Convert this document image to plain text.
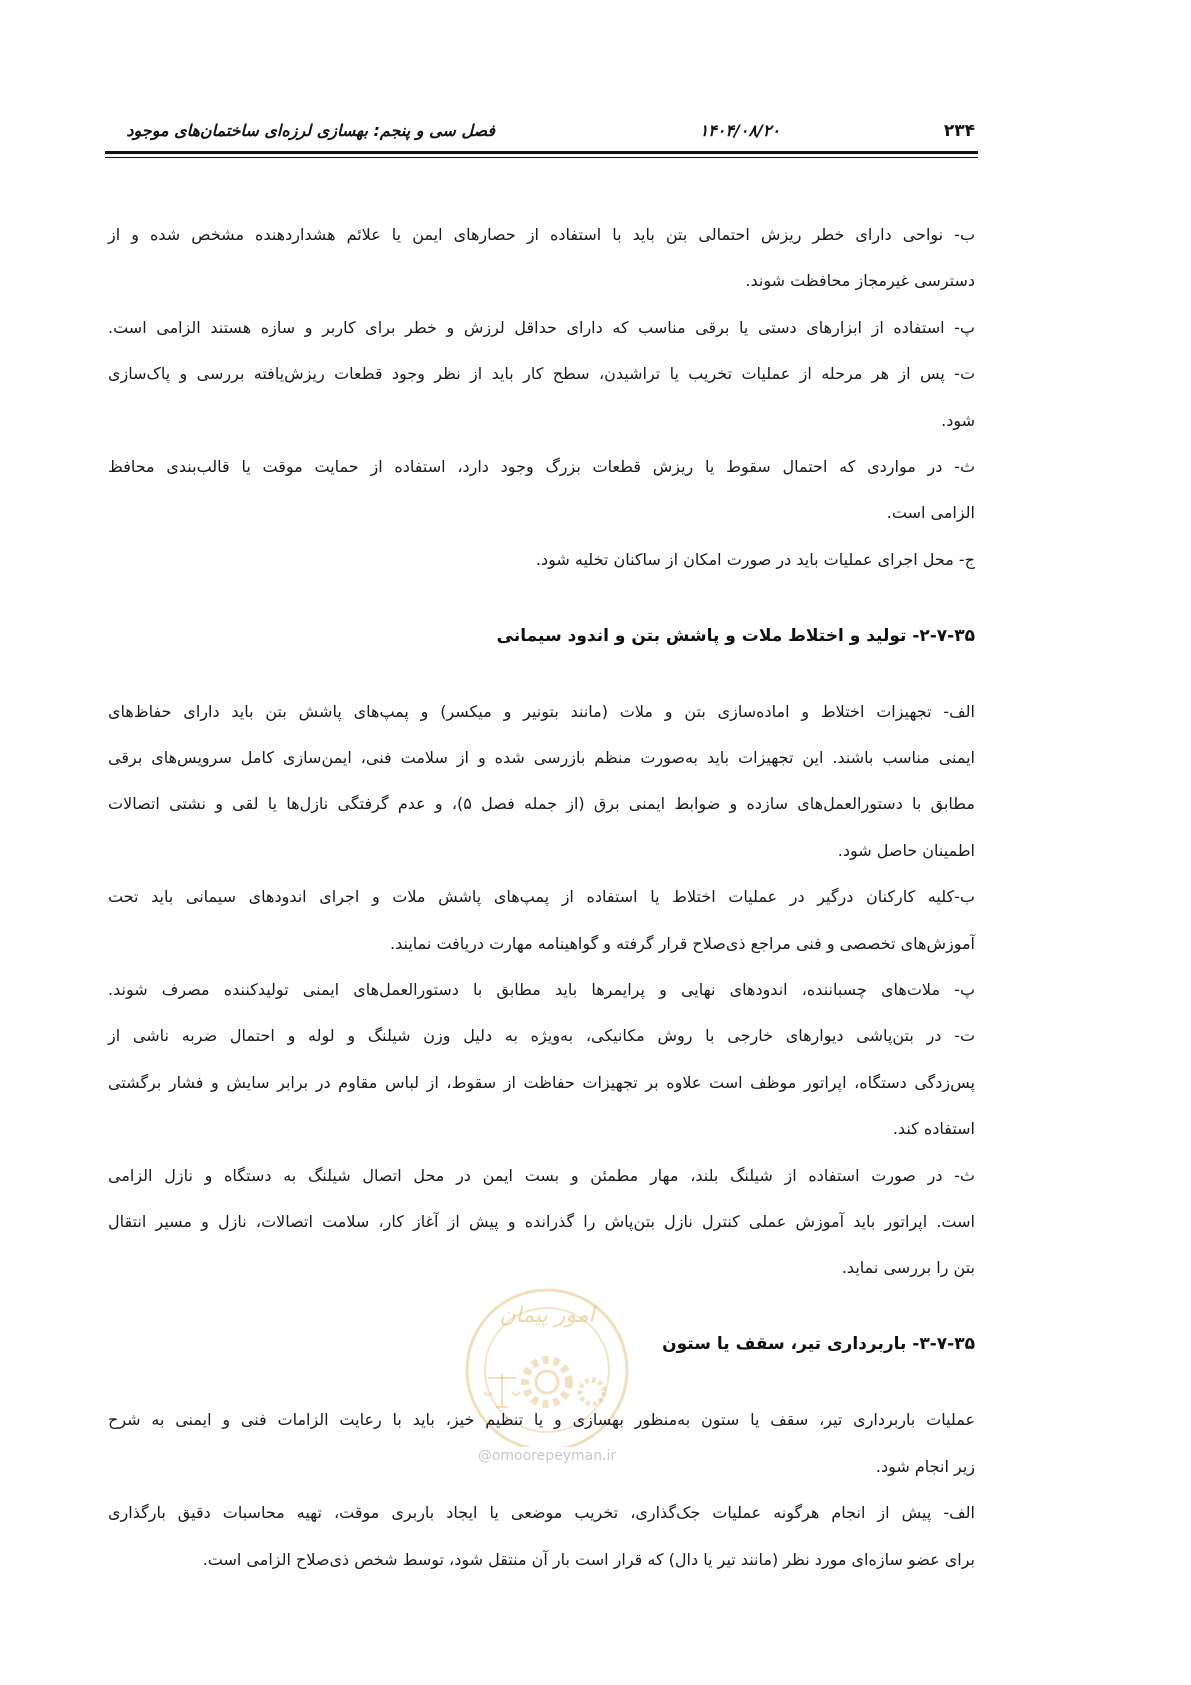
۲۳۴
۱۴۰۴/۰۸/۲۰
فصل سی و پنجم: بهسازی لرزه‌ای ساختمان‌های موجود
امور پیمان
@omoorepeyman.ir
ب- نواحی دارای خطر ریزش احتمالی بتن باید با استفاده از حصارهای ایمن یا علائم هشداردهنده مشخص شده و از
دسترسی غیرمجاز محافظت شوند.
پ- استفاده از ابزارهای دستی یا برقی مناسب که دارای حداقل لرزش و خطر برای کاربر و سازه هستند الزامی است.
ت- پس از هر مرحله از عملیات تخریب یا تراشیدن، سطح کار باید از نظر وجود قطعات ریزش‌یافته بررسی و پاک‌سازی
شود.
ث- در مواردی که احتمال سقوط یا ریزش قطعات بزرگ وجود دارد، استفاده از حمایت موقت یا قالب‌بندی محافظ
الزامی است.
ج- محل اجرای عملیات باید در صورت امکان از ساکنان تخلیه شود.
۲-۷-۳۵- تولید و اختلاط ملات و پاشش بتن و اندود سیمانی
الف- تجهیزات اختلاط و اماده‌سازی بتن و ملات (مانند بتونیر و میکسر) و پمپ‌های پاشش بتن باید دارای حفاظ‌های
ایمنی مناسب باشند. این تجهیزات باید به‌صورت منظم بازرسی شده و از سلامت فنی، ایمن‌سازی کامل سرویس‌های برقی
مطابق با دستورالعمل‌های سازده و ضوابط ایمنی برق (از جمله فصل ۵)، و عدم گرفتگی نازل‌ها یا لقی و نشتی اتصالات
اطمینان حاصل شود.
ب-کلیه کارکنان درگیر در عملیات اختلاط یا استفاده از پمپ‌های پاشش ملات و اجرای اندودهای سیمانی باید تحت
آموزش‌های تخصصی و فنی مراجع ذی‌صلاح قرار گرفته و گواهینامه مهارت دریافت نمایند.
پ- ملات‌های چسباننده، اندودهای نهایی و پرایمرها باید مطابق با دستورالعمل‌های ایمنی تولیدکننده مصرف شوند.
ت- در بتن‌پاشی دیوارهای خارجی با روش مکانیکی، به‌ویژه به دلیل وزن شیلنگ و لوله و احتمال ضربه ناشی از
پس‌زدگی دستگاه، اپراتور موظف است علاوه بر تجهیزات حفاظت از سقوط، از لباس مقاوم در برابر سایش و فشار برگشتی
استفاده کند.
ث- در صورت استفاده از شیلنگ بلند، مهار مطمئن و بست ایمن در محل اتصال شیلنگ به دستگاه و نازل الزامی
است. اپراتور باید آموزش عملی کنترل نازل بتن‌پاش را گذرانده و پیش از آغاز کار، سلامت اتصالات، نازل و مسیر انتقال
بتن را بررسی نماید.
۳-۷-۳۵- باربرداری تیر، سقف یا ستون
عملیات باربرداری تیر، سقف یا ستون به‌منظور بهسازی و یا تنظیم خیز، باید با رعایت الزامات فنی و ایمنی به شرح
زیر انجام شود.
الف- پیش از انجام هرگونه عملیات جک‌گذاری، تخریب موضعی یا ایجاد باربری موقت، تهیه محاسبات دقیق بارگذاری
برای عضو سازه‌ای مورد نظر (مانند تیر یا دال) که قرار است بار آن منتقل شود، توسط شخص ذی‌صلاح الزامی است.
